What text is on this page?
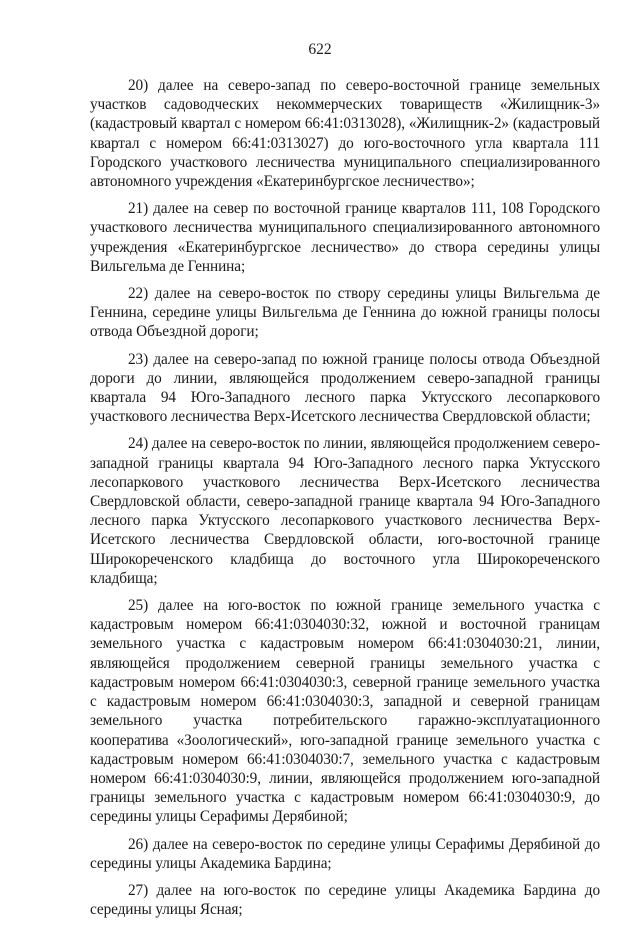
622

20) далее на северо-запад по северо-восточной границе земельных участков садоводческих некоммерческих товариществ «Жилищник-3» (кадастровый квартал с номером 66:41:0313028), «Жилищник-2» (кадастровый квартал с номером 66:41:0313027) до юго-восточного угла квартала 111 Городского участкового лесничества муниципального специализированного автономного учреждения «Екатеринбургское лесничество»;

21) далее на север по восточной границе кварталов 111, 108 Городского участкового лесничества муниципального специализированного автономного учреждения «Екатеринбургское лесничество» до створа середины улицы Вильгельма де Геннина;

22) далее на северо-восток по створу середины улицы Вильгельма де Геннина, середине улицы Вильгельма де Геннина до южной границы полосы отвода Объездной дороги;

23) далее на северо-запад по южной границе полосы отвода Объездной дороги до линии, являющейся продолжением северо-западной границы квартала 94 Юго-Западного лесного парка Уктусского лесопаркового участкового лесничества Верх-Исетского лесничества Свердловской области;

24) далее на северо-восток по линии, являющейся продолжением северо-западной границы квартала 94 Юго-Западного лесного парка Уктусского лесопаркового участкового лесничества Верх-Исетского лесничества Свердловской области, северо-западной границе квартала 94 Юго-Западного лесного парка Уктусского лесопаркового участкового лесничества Верх-Исетского лесничества Свердловской области, юго-восточной границе Широкореченского кладбища до восточного угла Широкореченского кладбища;

25) далее на юго-восток по южной границе земельного участка с кадастровым номером 66:41:0304030:32, южной и восточной границам земельного участка с кадастровым номером 66:41:0304030:21, линии, являющейся продолжением северной границы земельного участка с кадастровым номером 66:41:0304030:3, северной границе земельного участка с кадастровым номером 66:41:0304030:3, западной и северной границам земельного участка потребительского гаражно-эксплуатационного кооператива «Зоологический», юго-западной границе земельного участка с кадастровым номером 66:41:0304030:7, земельного участка с кадастровым номером 66:41:0304030:9, линии, являющейся продолжением юго-западной границы земельного участка с кадастровым номером 66:41:0304030:9, до середины улицы Серафимы Дерябиной;

26) далее на северо-восток по середине улицы Серафимы Дерябиной до середины улицы Академика Бардина;

27) далее на юго-восток по середине улицы Академика Бардина до середины улицы Ясная;
